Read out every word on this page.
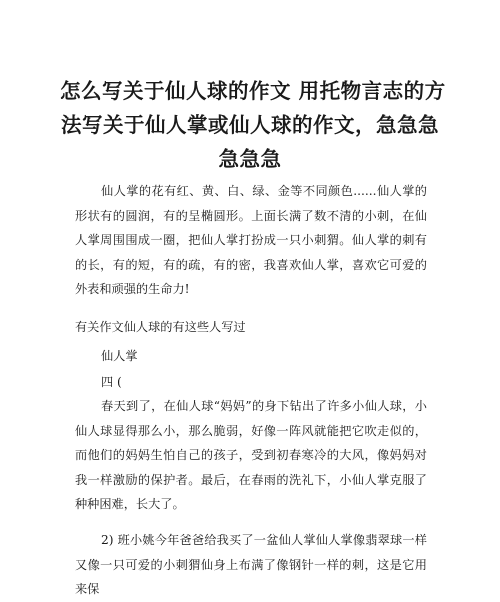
怎么写关于仙人球的作文 用托物言志的方
法写关于仙人掌或仙人球的作文，急急急
急急急

仙人掌的花有红、黄、白、绿、金等不同颜色......仙人掌的形状有的圆润，有的呈椭圆形。上面长满了数不清的小刺，在仙人掌周围围成一圈，把仙人掌打扮成一只小刺猬。仙人掌的刺有的长，有的短，有的疏，有的密，我喜欢仙人掌，喜欢它可爱的外表和顽强的生命力!

有关作文仙人球的有这些人写过

仙人掌

四 (

春天到了，在仙人球“妈妈”的身下钻出了许多小仙人球，小仙人球显得那么小，那么脆弱，好像一阵风就能把它吹走似的，而他们的妈妈生怕自己的孩子，受到初春寒冷的大风，像妈妈对我一样激励的保护者。最后，在春雨的洗礼下，小仙人掌克服了种种困难，长大了。

2) 班小姚今年爸爸给我买了一盆仙人掌仙人掌像翡翠球一样又像一只可爱的小刺猬仙身上布满了像钢针一样的刺，这是它用来保
